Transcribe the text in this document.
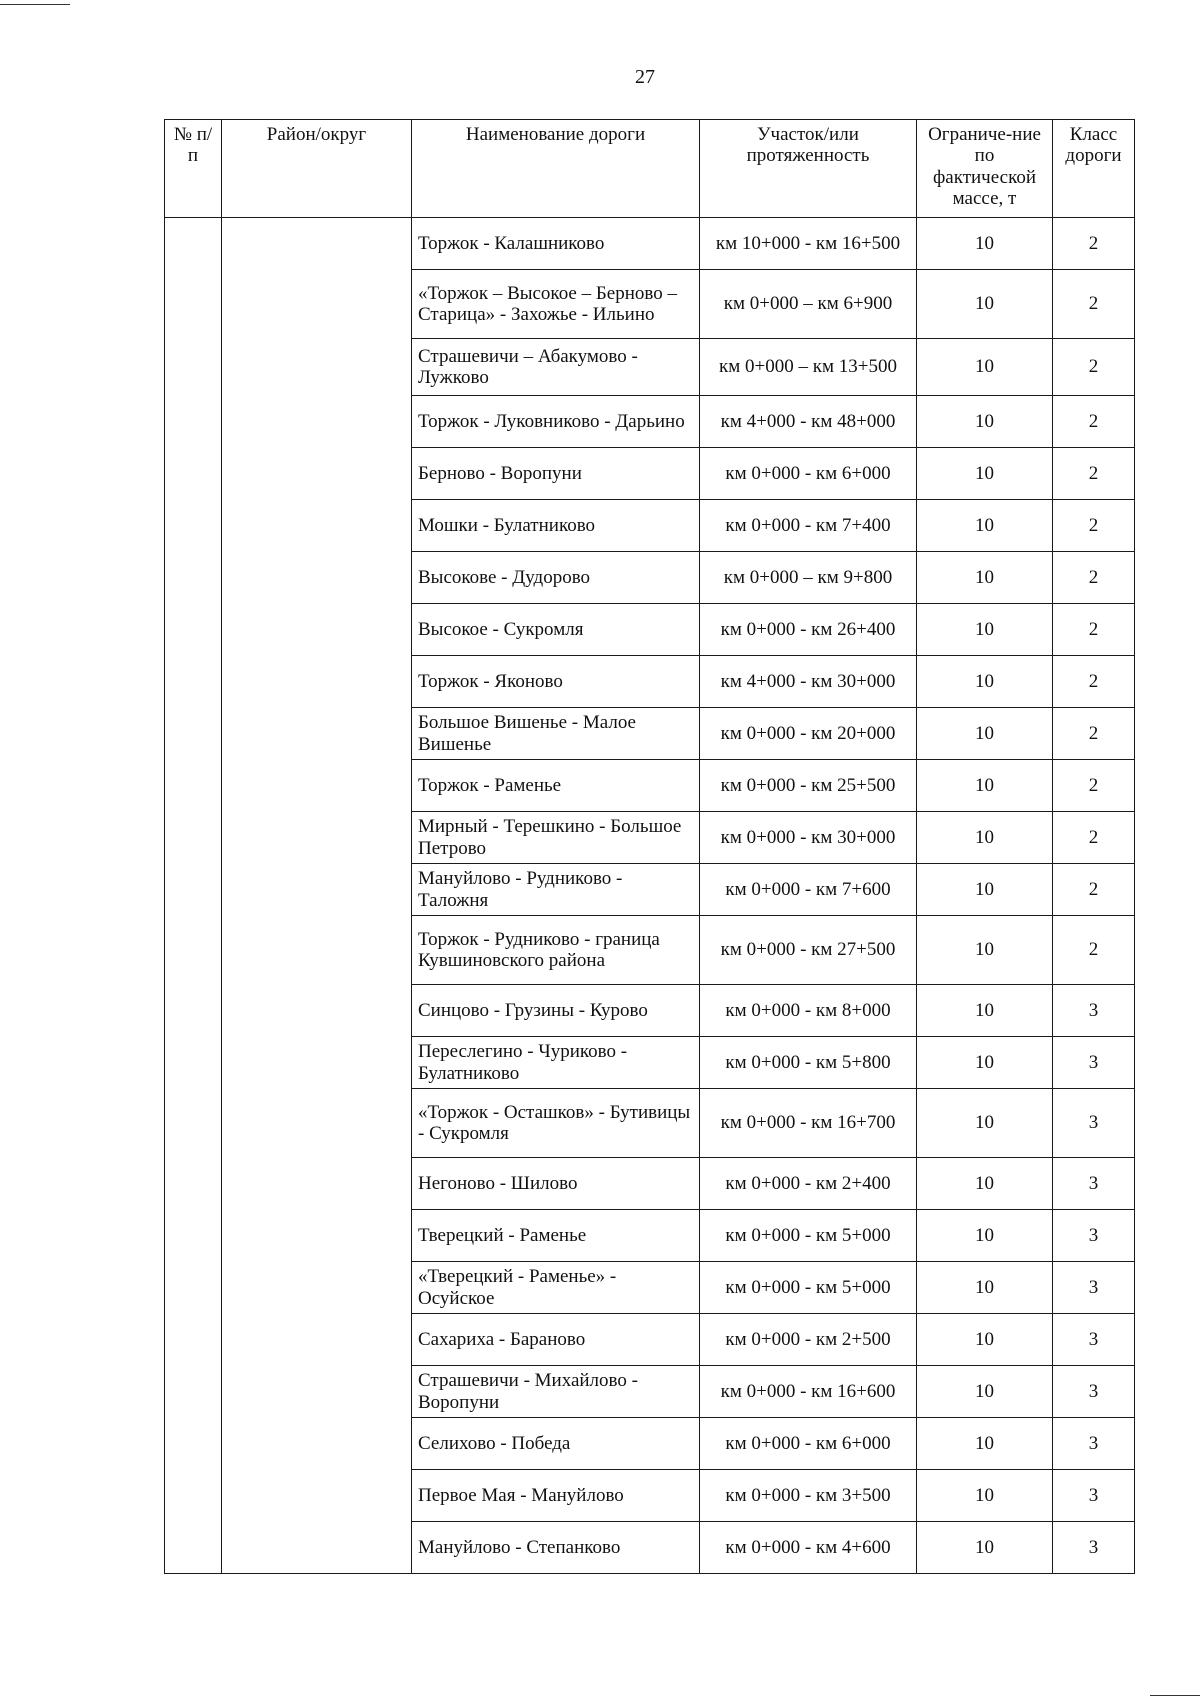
27
№ п/п	Район/округ	Наименование дороги	Участок/или протяженность	Ограниче-ние по фактической массе, т	Класс дороги
		Торжок - Калашниково	км 10+000 - км 16+500	10	2
		«Торжок – Высокое – Берново – Старица» - Захожье - Ильино	км 0+000 – км 6+900	10	2
		Страшевичи – Абакумово - Лужково	км 0+000 – км 13+500	10	2
		Торжок - Луковниково - Дарьино	км 4+000 - км 48+000	10	2
		Берново - Воропуни	км 0+000 - км 6+000	10	2
		Мошки - Булатниково	км 0+000 - км 7+400	10	2
		Высокове - Дудорово	км 0+000 – км 9+800	10	2
		Высокое - Сукромля	км 0+000 - км 26+400	10	2
		Торжок - Яконово	км 4+000 - км 30+000	10	2
		Большое Вишенье - Малое Вишенье	км 0+000 - км 20+000	10	2
		Торжок - Раменье	км 0+000 - км 25+500	10	2
		Мирный - Терешкино - Большое Петрово	км 0+000 - км 30+000	10	2
		Мануйлово - Рудниково - Таложня	км 0+000 - км 7+600	10	2
		Торжок - Рудниково - граница Кувшиновского района	км 0+000 - км 27+500	10	2
		Синцово - Грузины - Курово	км 0+000 - км 8+000	10	3
		Переслегино - Чуриково - Булатниково	км 0+000 - км 5+800	10	3
		«Торжок - Осташков» - Бутивицы - Сукромля	км 0+000 - км 16+700	10	3
		Негоново - Шилово	км 0+000 - км 2+400	10	3
		Тверецкий - Раменье	км 0+000 - км 5+000	10	3
		«Тверецкий - Раменье» - Осуйское	км 0+000 - км 5+000	10	3
		Сахариха - Бараново	км 0+000 - км 2+500	10	3
		Страшевичи - Михайлово - Воропуни	км 0+000 - км 16+600	10	3
		Селихово - Победа	км 0+000 - км 6+000	10	3
		Первое Мая - Мануйлово	км 0+000 - км 3+500	10	3
		Мануйлово - Степанково	км 0+000 - км 4+600	10	3
